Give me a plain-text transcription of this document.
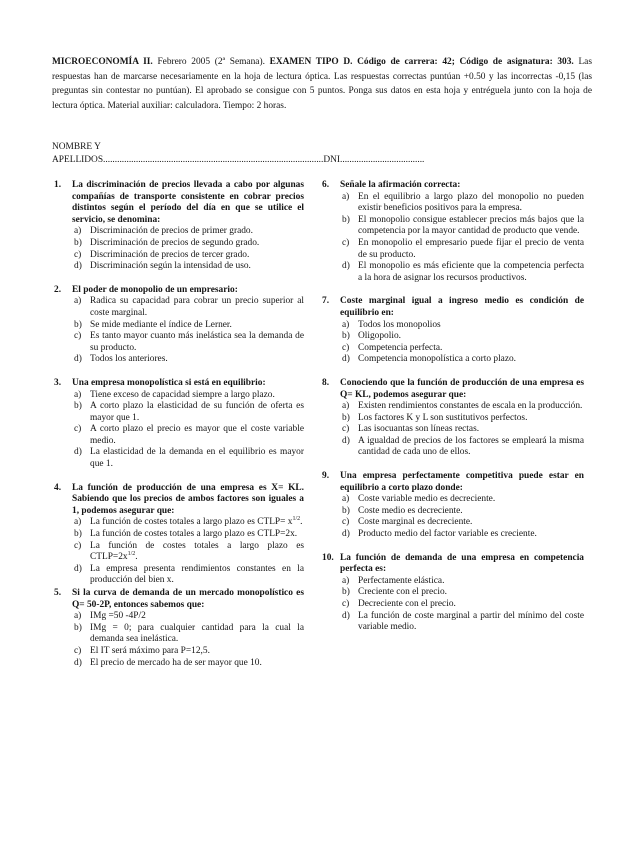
MICROECONOMÍA II. Febrero 2005 (2ª Semana). EXAMEN TIPO D. Código de carrera: 42; Código de asignatura: 303. Las respuestas han de marcarse necesariamente en la hoja de lectura óptica. Las respuestas correctas puntúan +0.50 y las incorrectas -0,15 (las preguntas sin contestar no puntúan). El aprobado se consigue con 5 puntos. Ponga sus datos en esta hoja y entréguela junto con la hoja de lectura óptica. Material auxiliar: calculadora. Tiempo: 2 horas.
NOMBRE Y
APELLIDOS..............................................................................................DNI....................................
1. La discriminación de precios llevada a cabo por algunas compañías de transporte consistente en cobrar precios distintos según el período del día en que se utilice el servicio, se denomina:
a) Discriminación de precios de primer grado.
b) Discriminación de precios de segundo grado.
c) Discriminación de precios de tercer grado.
d) Discriminación según la intensidad de uso.
2. El poder de monopolio de un empresario:
a) Radica su capacidad para cobrar un precio superior al coste marginal.
b) Se mide mediante el índice de Lerner.
c) Es tanto mayor cuanto más inelástica sea la demanda de su producto.
d) Todos los anteriores.
3. Una empresa monopolística si está en equilibrio:
a) Tiene exceso de capacidad siempre a largo plazo.
b) A corto plazo la elasticidad de su función de oferta es mayor que 1.
c) A corto plazo el precio es mayor que el coste variable medio.
d) La elasticidad de la demanda en el equilibrio es mayor que 1.
4. La función de producción de una empresa es X= KL. Sabiendo que los precios de ambos factores son iguales a 1, podemos asegurar que:
a) La función de costes totales a largo plazo es CTLP= $x^{1/2}$.
b) La función de costes totales a largo plazo es CTLP=2x.
c) La función de costes totales a largo plazo es $CTLP=2x^{1/2}$.
d) La empresa presenta rendimientos constantes en la producción del bien x.
5. Si la curva de demanda de un mercado monopolístico es Q= 50-2P, entonces sabemos que:
a) IMg =50 -4P/2
b) IMg = 0; para cualquier cantidad para la cual la demanda sea inelástica.
c) El IT será máximo para P=12,5.
d) El precio de mercado ha de ser mayor que 10.
6. Señale la afirmación correcta:
a) En el equilibrio a largo plazo del monopolio no pueden existir beneficios positivos para la empresa.
b) El monopolio consigue establecer precios más bajos que la competencia por la mayor cantidad de producto que vende.
c) En monopolio el empresario puede fijar el precio de venta de su producto.
d) El monopolio es más eficiente que la competencia perfecta a la hora de asignar los recursos productivos.
7. Coste marginal igual a ingreso medio es condición de equilibrio en:
a) Todos los monopolios
b) Oligopolio.
c) Competencia perfecta.
d) Competencia monopolística a corto plazo.
8. Conociendo que la función de producción de una empresa es Q= KL, podemos asegurar que:
a) Existen rendimientos constantes de escala en la producción.
b) Los factores K y L son sustitutivos perfectos.
c) Las isocuantas son líneas rectas.
d) A igualdad de precios de los factores se empleará la misma cantidad de cada uno de ellos.
9. Una empresa perfectamente competitiva puede estar en equilibrio a corto plazo donde:
a) Coste variable medio es decreciente.
b) Coste medio es decreciente.
c) Coste marginal es decreciente.
d) Producto medio del factor variable es creciente.
10. La función de demanda de una empresa en competencia perfecta es:
a) Perfectamente elástica.
b) Creciente con el precio.
c) Decreciente con el precio.
d) La función de coste marginal a partir del mínimo del coste variable medio.
